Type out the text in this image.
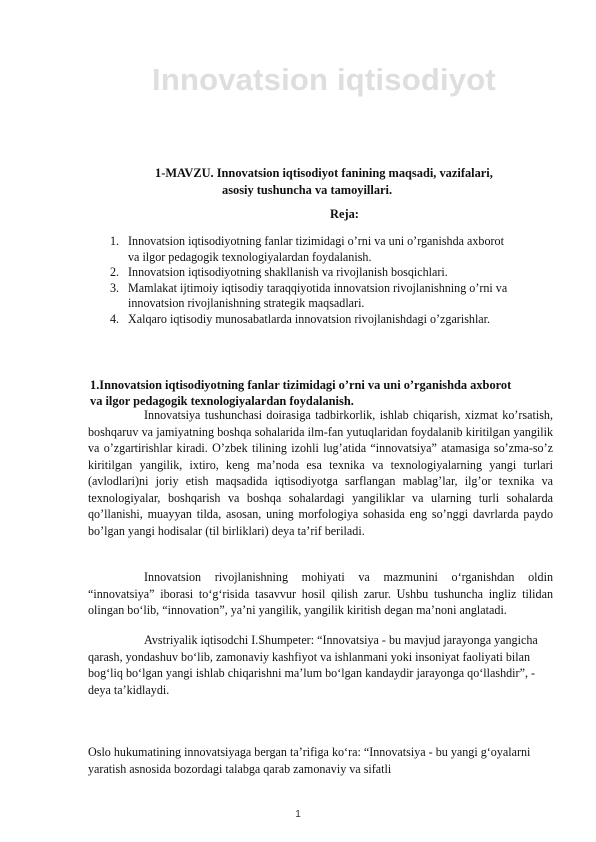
Innovatsion iqtisodiyot
1-MAVZU. Innovatsion iqtisodiyot fanining maqsadi, vazifalari,
asosiy tushuncha va tamoyillari.
Reja:
1. Innovatsion iqtisodiyotning fanlar tizimidagi o’rni va uni o’rganishda axborot va ilgor pedagogik texnologiyalardan foydalanish.
2. Innovatsion iqtisodiyotning shakllanish va rivojlanish bosqichlari.
3. Mamlakat ijtimoiy iqtisodiy taraqqiyotida innovatsion rivojlanishning o’rni va innovatsion rivojlanishning strategik maqsadlari.
4. Xalqaro iqtisodiy munosabatlarda innovatsion rivojlanishdagi o’zgarishlar.
1.Innovatsion iqtisodiyotning fanlar tizimidagi o’rni va uni o’rganishda axborot va ilgor pedagogik texnologiyalardan foydalanish.

Innovatsiya tushunchasi doirasiga tadbirkorlik, ishlab chiqarish, xizmat ko’rsatish, boshqaruv va jamiyatning boshqa sohalarida ilm-fan yutuqlaridan foydalanib kiritilgan yangilik va o’zgartirishlar kiradi. O’zbek tilining izohli lug’atida “innovatsiya” atamasiga so’zma-so’z kiritilgan yangilik, ixtiro, keng ma’noda esa texnika va texnologiyalarning yangi turlari (avlodlari)ni joriy etish maqsadida iqtisodiyotga sarflangan mablag’lar, ilg’or texnika va texnologiyalar, boshqarish va boshqa sohalardagi yangiliklar va ularning turli sohalarda qo’llanishi, muayyan tilda, asosan, uning morfologiya sohasida eng so’nggi davrlarda paydo bo’lgan yangi hodisalar (til birliklari) deya ta’rif beriladi.

Innovatsion rivojlanishning mohiyati va mazmunini o‘rganishdan oldin “innovatsiya” iborasi to‘g‘risida tasavvur hosil qilish zarur. Ushbu tushuncha ingliz tilidan olingan bo‘lib, “innovation”, ya’ni yangilik, yangilik kiritish degan ma’noni anglatadi.

Avstriyalik iqtisodchi I.Shumpeter: “Innovatsiya - bu mavjud jarayonga yangicha qarash, yondashuv bo‘lib, zamonaviy kashfiyot va ishlanmani yoki insoniyat faoliyati bilan bog‘liq bo‘lgan yangi ishlab chiqarishni ma’lum bo‘lgan kandaydir jarayonga qo‘llashdir”, - deya ta’kidlaydi.

Oslo hukumatining innovatsiyaga bergan ta’rifiga ko‘ra: “Innovatsiya - bu yangi g‘oyalarni yaratish asnosida bozordagi talabga qarab zamonaviy va sifatli

1
